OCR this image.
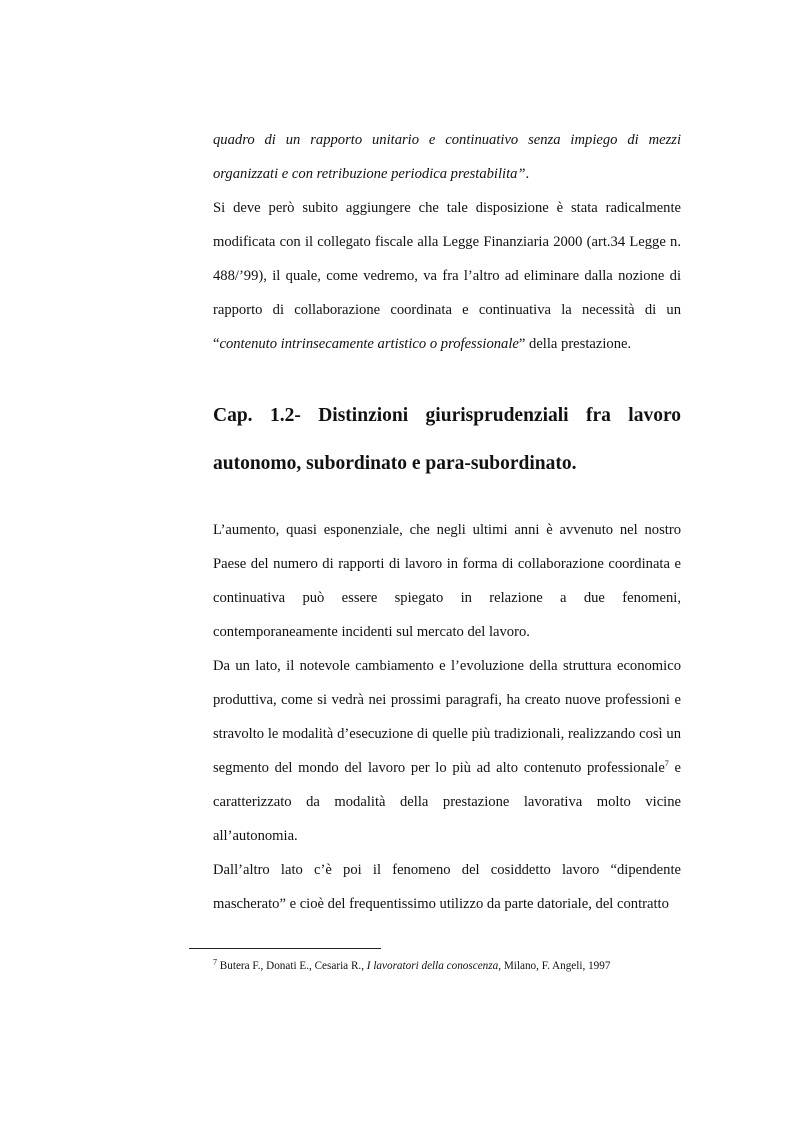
quadro di un rapporto unitario e continuativo senza impiego di mezzi organizzati e con retribuzione periodica prestabilita”.

Si deve però subito aggiungere che tale disposizione è stata radicalmente modificata con il collegato fiscale alla Legge Finanziaria 2000 (art.34 Legge n. 488/’99), il quale, come vedremo, va fra l’altro ad eliminare dalla nozione di rapporto di collaborazione coordinata e continuativa la necessità di un “contenuto intrinsecamente artistico o professionale” della prestazione.

Cap. 1.2- Distinzioni giurisprudenziali fra lavoro autonomo, subordinato e para-subordinato.

L’aumento, quasi esponenziale, che negli ultimi anni è avvenuto nel nostro Paese del numero di rapporti di lavoro in forma di collaborazione coordinata e continuativa può essere spiegato in relazione a due fenomeni, contemporaneamente incidenti sul mercato del lavoro.

Da un lato, il notevole cambiamento e l’evoluzione della struttura economico produttiva, come si vedrà nei prossimi paragrafi, ha creato nuove professioni e stravolto le modalità d’esecuzione di quelle più tradizionali, realizzando così un segmento del mondo del lavoro per lo più ad alto contenuto professionale$^7$ e caratterizzato da modalità della prestazione lavorativa molto vicine all’autonomia.

Dall’altro lato c’è poi il fenomeno del cosiddetto lavoro “dipendente mascherato” e cioè del frequentissimo utilizzo da parte datoriale, del contratto

$^7$ Butera F., Donati E., Cesaria R., I lavoratori della conoscenza, Milano, F. Angeli, 1997
